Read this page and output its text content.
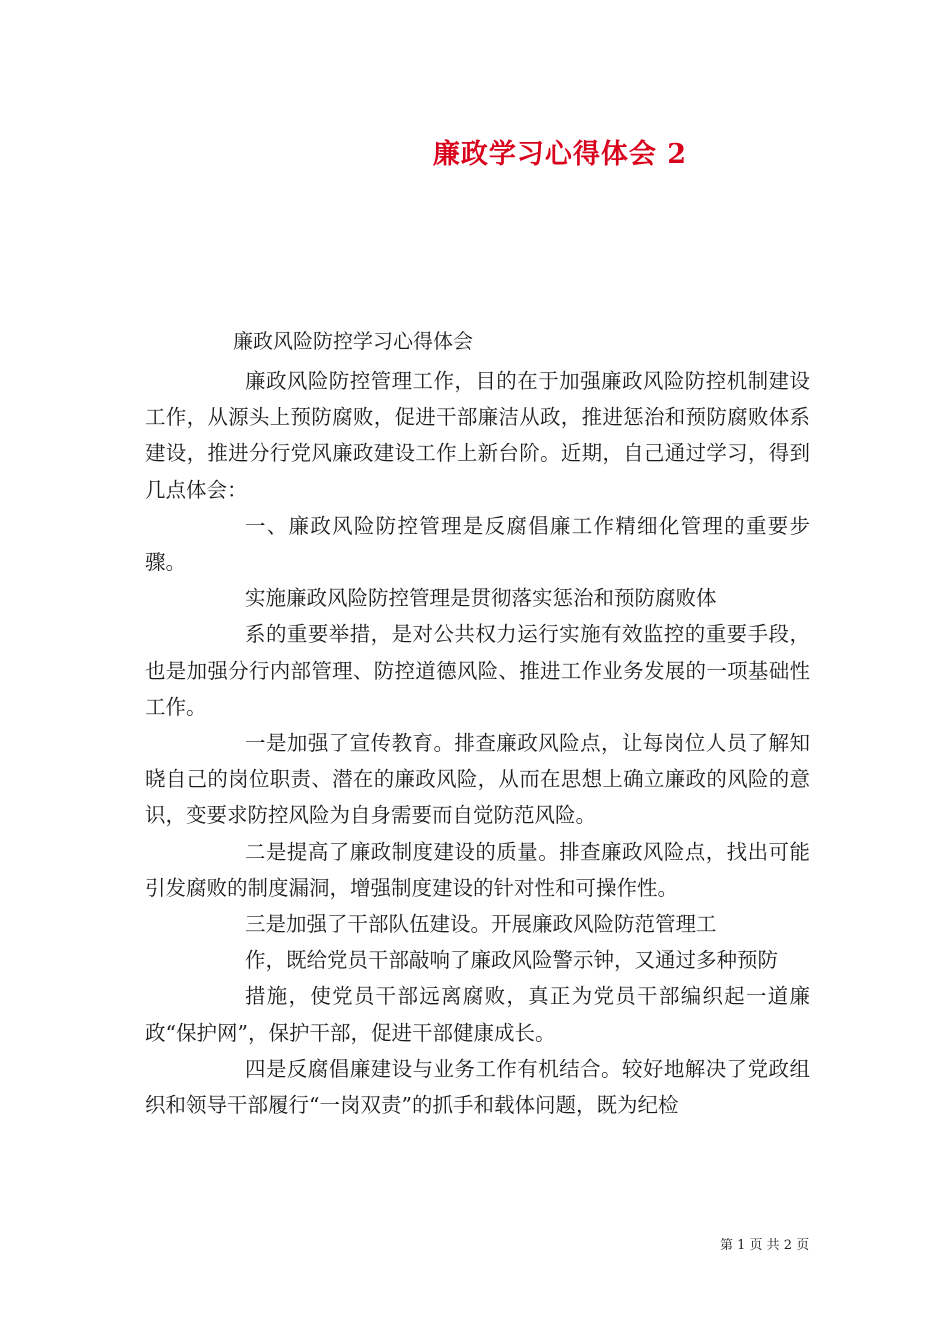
廉政学习心得体会 2
廉政风险防控学习心得体会

廉政风险防控管理工作，目的在于加强廉政风险防控机制建设工作，从源头上预防腐败，促进干部廉洁从政，推进惩治和预防腐败体系建设，推进分行党风廉政建设工作上新台阶。近期，自己通过学习，得到几点体会：

一、廉政风险防控管理是反腐倡廉工作精细化管理的重要步骤。

实施廉政风险防控管理是贯彻落实惩治和预防腐败体

系的重要举措，是对公共权力运行实施有效监控的重要手段，也是加强分行内部管理、防控道德风险、推进工作业务发展的一项基础性工作。

一是加强了宣传教育。排查廉政风险点，让每岗位人员了解知晓自己的岗位职责、潜在的廉政风险，从而在思想上确立廉政的风险的意识，变要求防控风险为自身需要而自觉防范风险。

二是提高了廉政制度建设的质量。排查廉政风险点，找出可能引发腐败的制度漏洞，增强制度建设的针对性和可操作性。

三是加强了干部队伍建设。开展廉政风险防范管理工

作，既给党员干部敲响了廉政风险警示钟，又通过多种预防

措施，使党员干部远离腐败，真正为党员干部编织起一道廉政“保护网”，保护干部，促进干部健康成长。

四是反腐倡廉建设与业务工作有机结合。较好地解决了党政组织和领导干部履行“一岗双责”的抓手和载体问题，既为纪检

第 1 页 共 2 页
